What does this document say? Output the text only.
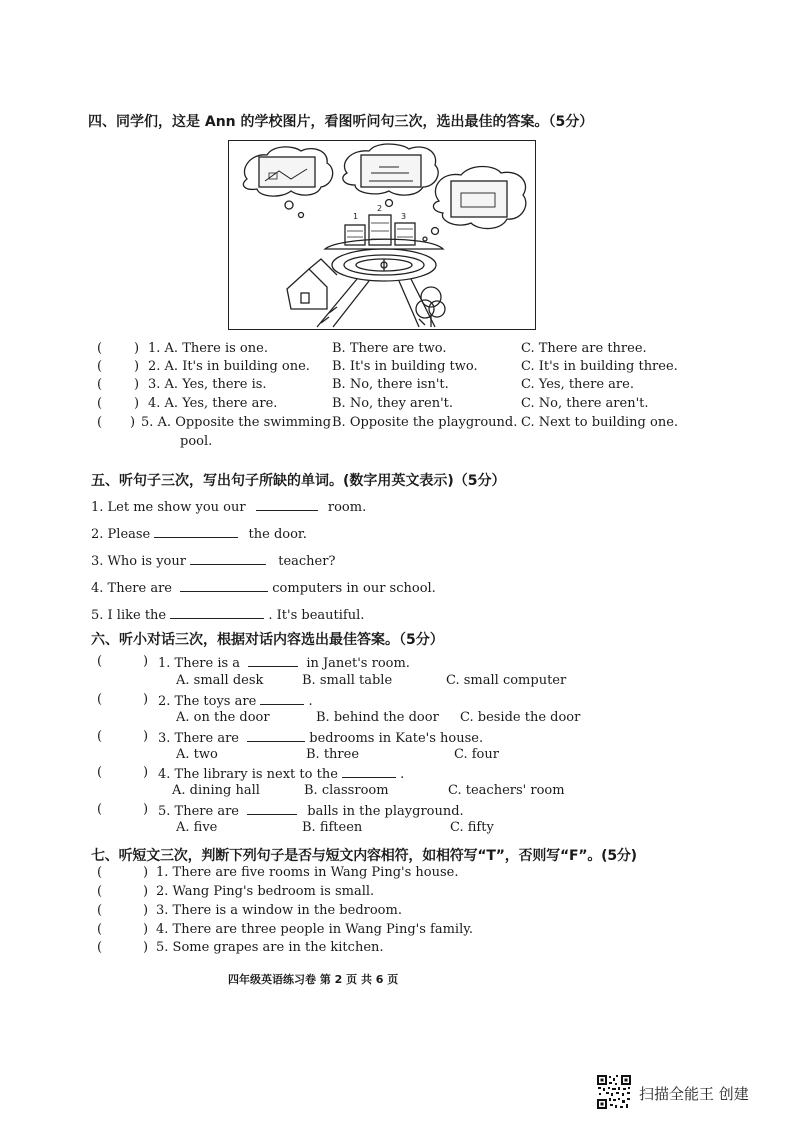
四、同学们，这是 Ann 的学校图片，看图听问句三次，选出最佳的答案。（5分）
1
2
3
( ) 1. A. There is one.	B. There are two.	C. There are three.
( ) 2. A. It's in building one. B. It's in building two.	C. It's in building three.
( ) 3. A. Yes, there is.	B. No, there isn't.	C. Yes, there are.
( ) 4. A. Yes, there are.	B. No, they aren't.	C. No, there aren't.
( ) 5. A. Opposite the swimming
pool.
B. Opposite the playground. C. Next to building one.
五、听句子三次，写出句子所缺的单词。(数字用英文表示)（5分）
1. Let me show you our	room.
2. Please	the door.
3. Who is your	teacher?
4. There are	computers in our school.
5. I like the	. It's beautiful.
六、听小对话三次，根据对话内容选出最佳答案。（5分）
(	) 1. There is a	in Janet's room.
A. small desk	B. small table	C. small computer
(	) 2. The toys are	.
A. on the door	B. behind the door C. beside the door
(	) 3. There are	bedrooms in Kate's house.
A. two	B. three	C. four
(	) 4. The library is next to the	.
A. dining hall	B. classroom	C. teachers' room
(	) 5. There are	balls in the playground.
A. five	B. fifteen	C. fifty
七、听短文三次，判断下列句子是否与短文内容相符，如相符写“T”，否则写“F”。(5分)
(	) 1. There are five rooms in Wang Ping's house.
(	) 2. Wang Ping's bedroom is small.
(	) 3. There is a window in the bedroom.
(	) 4. There are three people in Wang Ping's family.
(	) 5. Some grapes are in the kitchen.
四年级英语练习卷 第 2 页 共 6 页
扫描全能王 创建
